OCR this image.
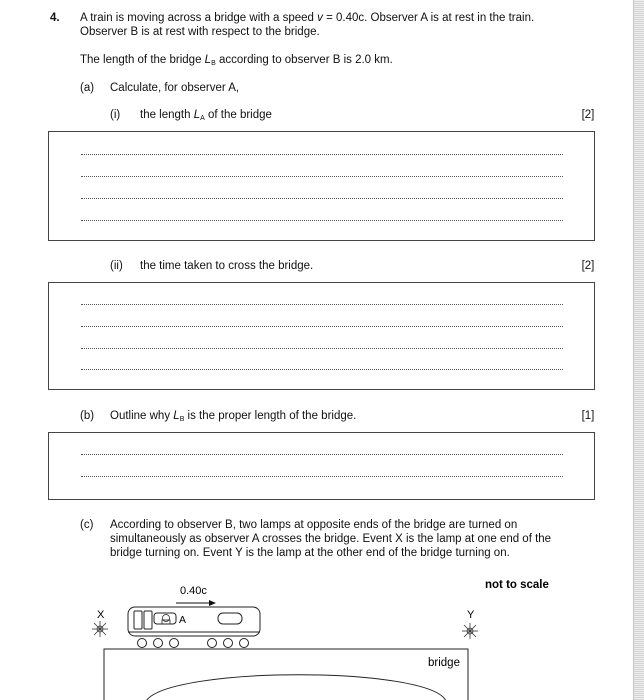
4. A train is moving across a bridge with a speed v = 0.40c. Observer A is at rest in the train.
Observer B is at rest with respect to the bridge.
The length of the bridge $L_B$ according to observer B is 2.0 km.
(a) Calculate, for observer A,
(i) the length $L_A$ of the bridge	[2]
(ii) the time taken to cross the bridge.	[2]
(b) Outline why $L_B$ is the proper length of the bridge.	[1]
(c) According to observer B, two lamps at opposite ends of the bridge are turned on
simultaneously as observer A crosses the bridge. Event X is the lamp at one end of the
bridge turning on. Event Y is the lamp at the other end of the bridge turning on.
not to scale
0.40c
X	Y
A
bridge
